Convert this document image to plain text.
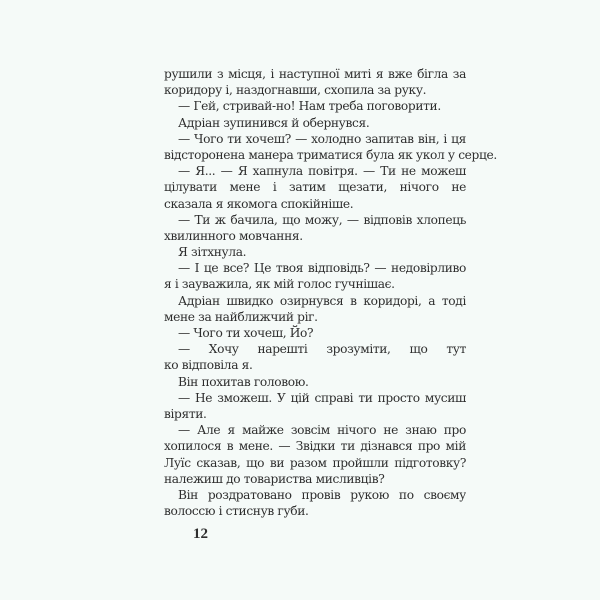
рушили з місця, і наступної миті я вже бігла за
коридору і, наздогнавши, схопила за руку.
— Гей, стривай-но! Нам треба поговорити.
Адріан зупинився й обернувся.
— Чого ти хочеш? — холодно запитав він, і ця
відсторонена манера триматися була як укол у серце.
— Я... — Я хапнула повітря. — Ти не можеш
цілувати мене і затим щезати, нічого не
сказала я якомога спокійніше.
— Ти ж бачила, що можу, — відповів хлопець
хвилинного мовчання.
Я зітхнула.
— І це все? Це твоя відповідь? — недовірливо
я і зауважила, як мій голос гучнішає.
Адріан швидко озирнувся в коридорі, а тоді
мене за найближчий ріг.
— Чого ти хочеш, Йо?
— Хочу нарешті зрозуміти, що тут
ко відповіла я.
Він похитав головою.
— Не зможеш. У цій справі ти просто мусиш
віряти.
— Але я майже зовсім нічого не знаю про
хопилося в мене. — Звідки ти дізнався про мій
Луїс сказав, що ви разом пройшли підготовку?
належиш до товариства мисливців?
Він роздратовано провів рукою по своєму
волоссю і стиснув губи.
12
